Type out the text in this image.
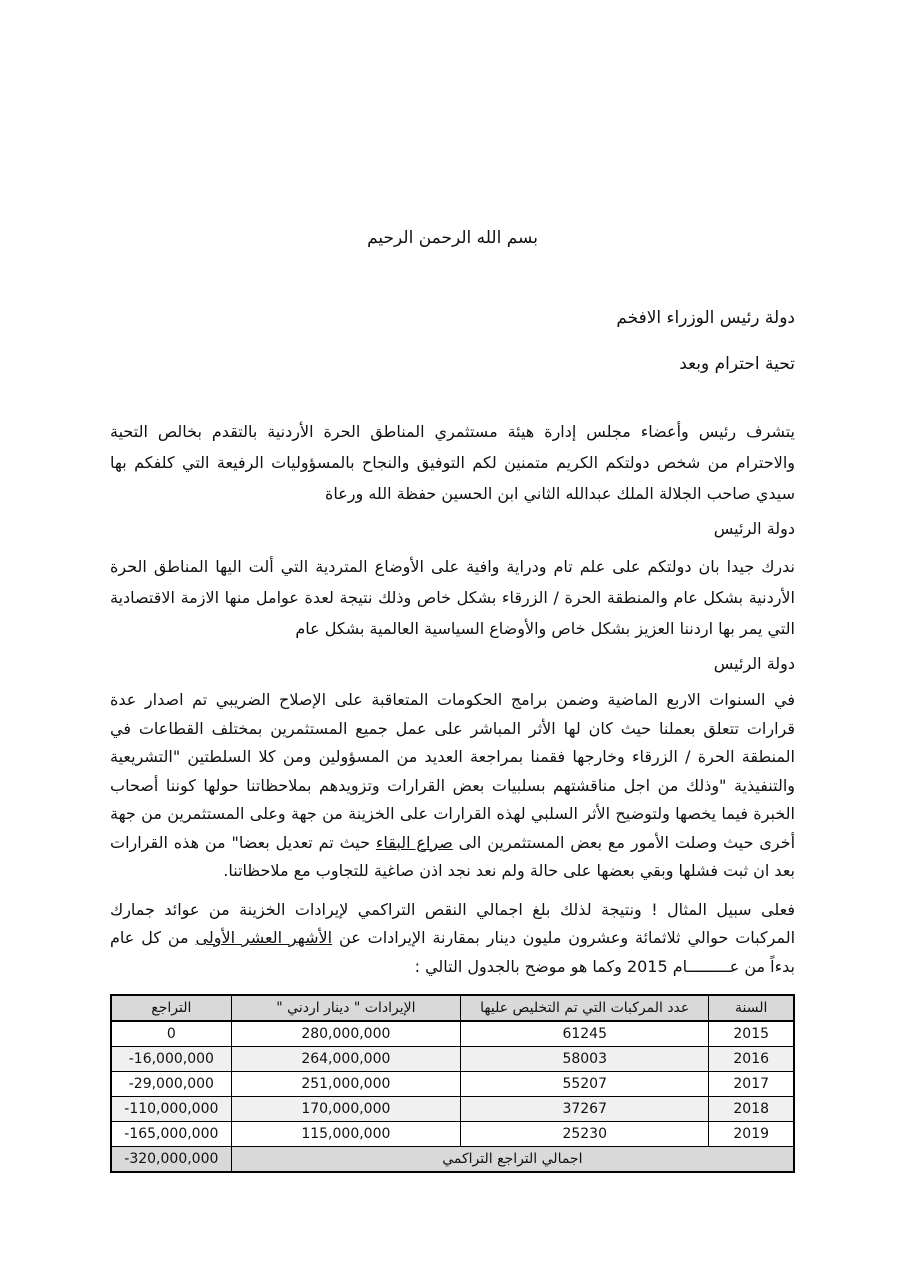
بسم الله الرحمن الرحيم
دولة رئيس الوزراء الافخم
تحية احترام وبعد

يتشرف رئيس وأعضاء مجلس إدارة هيئة مستثمري المناطق الحرة الأردنية بالتقدم بخالص التحية والاحترام من شخص دولتكم الكريم متمنين لكم التوفيق والنجاح بالمسؤوليات الرفيعة التي كلفكم بها سيدي صاحب الجلالة الملك عبدالله الثاني ابن الحسين حفظة الله ورعاة

دولة الرئيس

ندرك جيدا بان دولتكم على علم تام ودراية وافية على الأوضاع المتردية التي ألت اليها المناطق الحرة الأردنية بشكل عام والمنطقة الحرة / الزرقاء بشكل خاص وذلك نتيجة لعدة عوامل منها الازمة الاقتصادية التي يمر بها اردننا العزيز بشكل خاص والأوضاع السياسية العالمية بشكل عام

دولة الرئيس

في السنوات الاربع الماضية وضمن برامج الحكومات المتعاقبة على الإصلاح الضريبي تم اصدار عدة قرارات تتعلق بعملنا حيث كان لها الأثر المباشر على عمل جميع المستثمرين بمختلف القطاعات في المنطقة الحرة / الزرقاء وخارجها فقمنا بمراجعة العديد من المسؤولين ومن كلا السلطتين "التشريعية والتنفيذية "وذلك من اجل مناقشتهم بسلبيات بعض القرارات وتزويدهم بملاحظاتنا حولها كوننا أصحاب الخبرة فيما يخصها ولتوضيح الأثر السلبي لهذه القرارات على الخزينة من جهة وعلى المستثمرين من جهة أخرى حيث وصلت الأمور مع بعض المستثمرين الى صراع البقاء حيث تم تعديل بعضا" من هذه القرارات بعد ان ثبت فشلها وبقي بعضها على حالة ولم نعد نجد اذن صاغية للتجاوب مع ملاحظاتنا.

فعلى سبيل المثال ! ونتيجة لذلك بلغ اجمالي النقص التراكمي لإيرادات الخزينة من عوائد جمارك المركبات حوالي ثلاثمائة وعشرون مليون دينار بمقارنة الإيرادات عن الأشهر العشر الأولى من كل عام بدءاً من عـــــــــام 2015 وكما هو موضح بالجدول التالي :

السنة	عدد المركبات التي تم التخليص عليها	الإيرادات " دينار اردني "	التراجع
2015	61245	280,000,000	0
2016	58003	264,000,000	-16,000,000
2017	55207	251,000,000	-29,000,000
2018	37267	170,000,000	-110,000,000
2019	25230	115,000,000	-165,000,000
اجمالي التراجع التراكمي			-320,000,000
